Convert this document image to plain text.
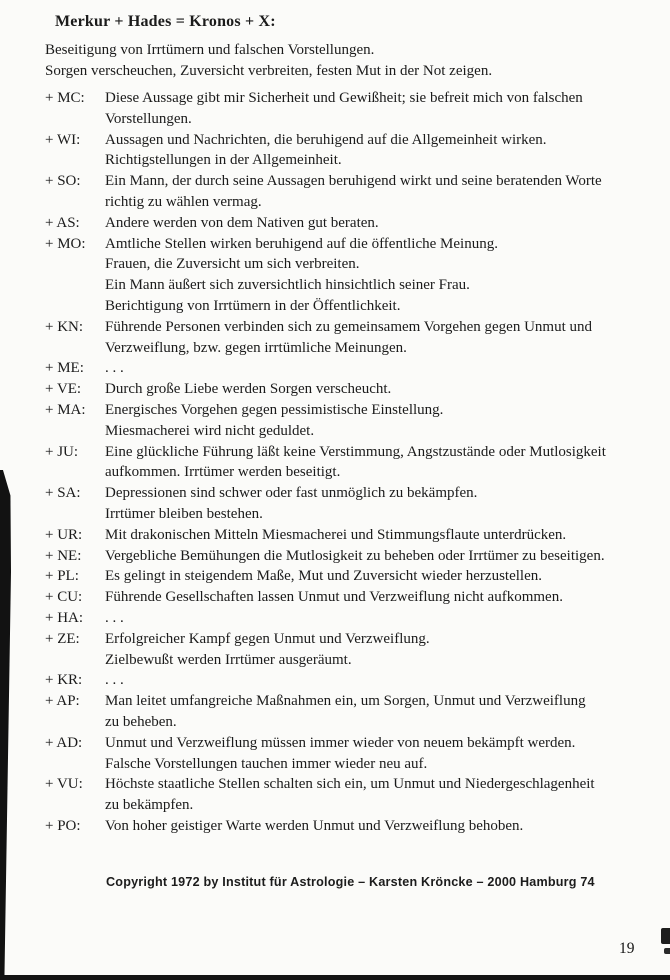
Merkur + Hades = Kronos + X:
Beseitigung von Irrtümern und falschen Vorstellungen.
Sorgen verscheuchen, Zuversicht verbreiten, festen Mut in der Not zeigen.
+ MC:	Diese Aussage gibt mir Sicherheit und Gewißheit; sie befreit mich von falschen
Vorstellungen.
+ WI:	Aussagen und Nachrichten, die beruhigend auf die Allgemeinheit wirken.
Richtigstellungen in der Allgemeinheit.
+ SO:	Ein Mann, der durch seine Aussagen beruhigend wirkt und seine beratenden Worte
richtig zu wählen vermag.
+ AS:	Andere werden von dem Nativen gut beraten.
+ MO:	Amtliche Stellen wirken beruhigend auf die öffentliche Meinung.
Frauen, die Zuversicht um sich verbreiten.
Ein Mann äußert sich zuversichtlich hinsichtlich seiner Frau.
Berichtigung von Irrtümern in der Öffentlichkeit.
+ KN:	Führende Personen verbinden sich zu gemeinsamem Vorgehen gegen Unmut und
Verzweiflung, bzw. gegen irrtümliche Meinungen.
+ ME:	. . .
+ VE:	Durch große Liebe werden Sorgen verscheucht.
+ MA:	Energisches Vorgehen gegen pessimistische Einstellung.
Miesmacherei wird nicht geduldet.
+ JU:	Eine glückliche Führung läßt keine Verstimmung, Angstzustände oder Mutlosigkeit
aufkommen. Irrtümer werden beseitigt.
+ SA:	Depressionen sind schwer oder fast unmöglich zu bekämpfen.
Irrtümer bleiben bestehen.
+ UR:	Mit drakonischen Mitteln Miesmacherei und Stimmungsflaute unterdrücken.
+ NE:	Vergebliche Bemühungen die Mutlosigkeit zu beheben oder Irrtümer zu beseitigen.
+ PL:	Es gelingt in steigendem Maße, Mut und Zuversicht wieder herzustellen.
+ CU:	Führende Gesellschaften lassen Unmut und Verzweiflung nicht aufkommen.
+ HA:	. . .
+ ZE:	Erfolgreicher Kampf gegen Unmut und Verzweiflung.
Zielbewußt werden Irrtümer ausgeräumt.
+ KR:	. . .
+ AP:	Man leitet umfangreiche Maßnahmen ein, um Sorgen, Unmut und Verzweiflung
zu beheben.
+ AD:	Unmut und Verzweiflung müssen immer wieder von neuem bekämpft werden.
Falsche Vorstellungen tauchen immer wieder neu auf.
+ VU:	Höchste staatliche Stellen schalten sich ein, um Unmut und Niedergeschlagenheit
zu bekämpfen.
+ PO:	Von hoher geistiger Warte werden Unmut und Verzweiflung behoben.
Copyright 1972 by Institut für Astrologie – Karsten Kröncke – 2000 Hamburg 74
19
